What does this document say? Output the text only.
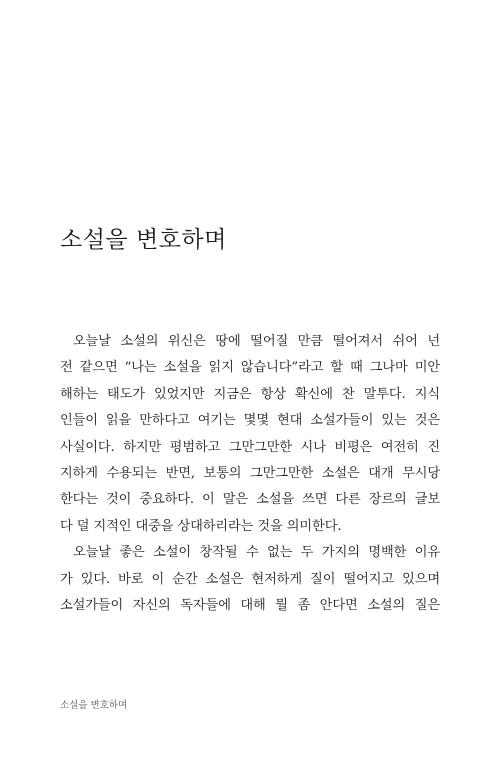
소설을 변호하며
오늘날 소설의 위신은 땅에 떨어질 만큼 떨어져서 쉬어 넌
전 같으면 “나는 소설을 읽지 않습니다”라고 할 때 그나마 미안
해하는 태도가 있었지만 지금은 항상 확신에 찬 말투다. 지식
인들이 읽을 만하다고 여기는 몇몇 현대 소설가들이 있는 것은
사실이다. 하지만 평범하고 그만그만한 시나 비평은 여전히 진
지하게 수용되는 반면, 보통의 그만그만한 소설은 대개 무시당
한다는 것이 중요하다. 이 말은 소설을 쓰면 다른 장르의 글보
다 덜 지적인 대중을 상대하리라는 것을 의미한다.
오늘날 좋은 소설이 창작될 수 없는 두 가지의 명백한 이유
가 있다. 바로 이 순간 소설은 현저하게 질이 떨어지고 있으며
소설가들이 자신의 독자들에 대해 뭘 좀 안다면 소설의 질은

소설을 변호하며
